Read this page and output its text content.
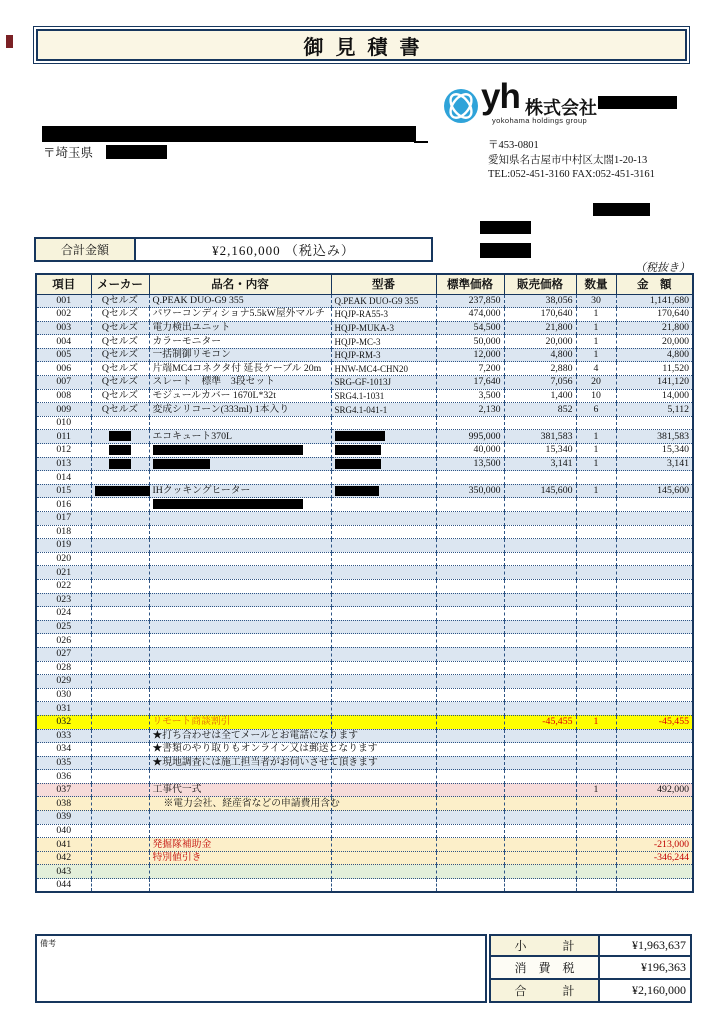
御見積書
yh 株式会社
yokohama holdings group
〒453-0801
愛知県名古屋市中村区太閤1-20-13
TEL:052-451-3160 FAX:052-451-3161
〒埼玉県
合計金額	¥2,160,000 （税込み）
（税抜き）
項目	メーカー	品名・内容	型番	標準価格	販売価格	数量	金　額
001	Qセルズ	Q.PEAK DUO-G9 355	Q.PEAK DUO-G9 355	237,850	38,056	30	1,141,680
002	Qセルズ	パワーコンディショナ5.5kW屋外マルチ	HQJP-RA55-3	474,000	170,640	1	170,640
003	Qセルズ	電力検出ユニット	HQJP-MUKA-3	54,500	21,800	1	21,800
004	Qセルズ	カラーモニター	HQJP-MC-3	50,000	20,000	1	20,000
005	Qセルズ	一括制御リモコン	HQJP-RM-3	12,000	4,800	1	4,800
006	Qセルズ	片端MC4コネクタ付 延長ケーブル 20m	HNW-MC4-CHN20	7,200	2,880	4	11,520
007	Qセルズ	スレート　標準　3段セット	SRG-GF-1013J	17,640	7,056	20	141,120
008	Qセルズ	モジュールカバー 1670L*32t	SRG4.1-1031	3,500	1,400	10	14,000
009	Qセルズ	変成シリコーン(333ml) 1本入り	SRG4.1-041-1	2,130	852	6	5,112
010							
011		エコキュート370L		995,000	381,583	1	381,583
012				40,000	15,340	1	15,340
013				13,500	3,141	1	3,141
014							
015		IHクッキングヒーター		350,000	145,600	1	145,600
016							
017							
018							
019							
020							
021							
022							
023							
024							
025							
026							
027							
028							
029							
030							
031							
032		リモート商談割引			-45,455	1	-45,455
033		★打ち合わせは全てメールとお電話になります					
034		★書類のやり取りもオンライン又は郵送となります					
035		★現地調査には施工担当者がお伺いさせて頂きます					
036							
037		工事代一式				1	492,000
038		※電力会社、経産省などの申請費用含む					
039							
040							
041		発掘隊補助金					-213,000
042		特別値引き					-346,244
043							
044							
備考	小　　　計	¥1,963,637
消　費　税	¥196,363
合　　　計	¥2,160,000
